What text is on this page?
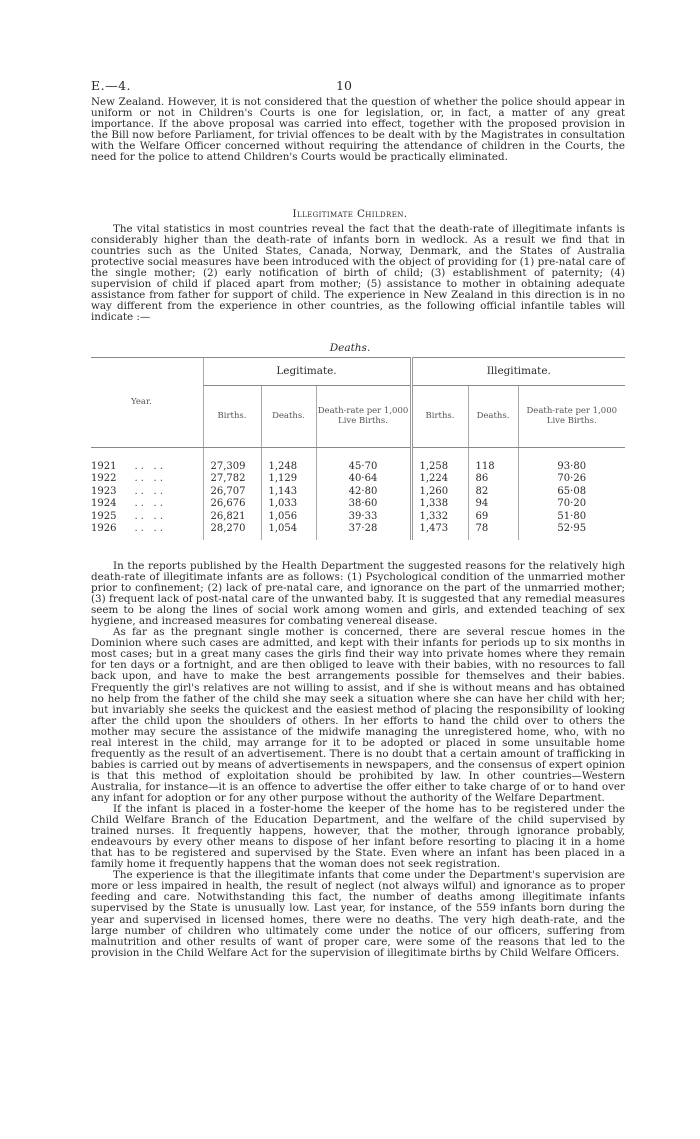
E.—4.	10

New Zealand. However, it is not considered that the question of whether the police should appear in uniform or not in Children's Courts is one for legislation, or, in fact, a matter of any great importance. If the above proposal was carried into effect, together with the proposed provision in the Bill now before Parliament, for trivial offences to be dealt with by the Magistrates in consultation with the Welfare Officer concerned without requiring the attendance of children in the Courts, the need for the police to attend Children's Courts would be practically eliminated.

Illegitimate Children.

The vital statistics in most countries reveal the fact that the death-rate of illegitimate infants is considerably higher than the death-rate of infants born in wedlock. As a result we find that in countries such as the United States, Canada, Norway, Denmark, and the States of Australia protective social measures have been introduced with the object of providing for (1) pre-natal care of the single mother; (2) early notification of birth of child; (3) establishment of paternity; (4) supervision of child if placed apart from mother; (5) assistance to mother in obtaining adequate assistance from father for support of child. The experience in New Zealand in this direction is in no way different from the experience in other countries, as the following official infantile tables will indicate :—

Deaths.
Year.	Legitimate.			Illegitimate.		
	Births.	Deaths.	Death-rate per 1,000 Live Births.	Births.	Deaths.	Death-rate per 1,000 Live Births.

1921 . .   . .	27,309	1,248	45·70	1,258	118	93·80
1922 . .   . .	27,782	1,129	40·64	1,224	86	70·26
1923 . .   . .	26,707	1,143	42·80	1,260	82	65·08
1924 . .   . .	26,676	1,033	38·60	1,338	94	70·20
1925 . .   . .	26,821	1,056	39·33	1,332	69	51·80
1926 . .   . .	28,270	1,054	37·28	1,473	78	52·95

In the reports published by the Health Department the suggested reasons for the relatively high death-rate of illegitimate infants are as follows: (1) Psychological condition of the unmarried mother prior to confinement; (2) lack of pre-natal care, and ignorance on the part of the unmarried mother; (3) frequent lack of post-natal care of the unwanted baby. It is suggested that any remedial measures seem to be along the lines of social work among women and girls, and extended teaching of sex hygiene, and increased measures for combating venereal disease.

As far as the pregnant single mother is concerned, there are several rescue homes in the Dominion where such cases are admitted, and kept with their infants for periods up to six months in most cases; but in a great many cases the girls find their way into private homes where they remain for ten days or a fortnight, and are then obliged to leave with their babies, with no resources to fall back upon, and have to make the best arrangements possible for themselves and their babies. Frequently the girl's relatives are not willing to assist, and if she is without means and has obtained no help from the father of the child she may seek a situation where she can have her child with her; but invariably she seeks the quickest and the easiest method of placing the responsibility of looking after the child upon the shoulders of others. In her efforts to hand the child over to others the mother may secure the assistance of the midwife managing the unregistered home, who, with no real interest in the child, may arrange for it to be adopted or placed in some unsuitable home frequently as the result of an advertisement. There is no doubt that a certain amount of trafficking in babies is carried out by means of advertisements in newspapers, and the consensus of expert opinion is that this method of exploitation should be prohibited by law. In other countries—Western Australia, for instance—it is an offence to advertise the offer either to take charge of or to hand over any infant for adoption or for any other purpose without the authority of the Welfare Department.

If the infant is placed in a foster-home the keeper of the home has to be registered under the Child Welfare Branch of the Education Department, and the welfare of the child supervised by trained nurses. It frequently happens, however, that the mother, through ignorance probably, endeavours by every other means to dispose of her infant before resorting to placing it in a home that has to be registered and supervised by the State. Even where an infant has been placed in a family home it frequently happens that the woman does not seek registration.

The experience is that the illegitimate infants that come under the Department's supervision are more or less impaired in health, the result of neglect (not always wilful) and ignorance as to proper feeding and care. Notwithstanding this fact, the number of deaths among illegitimate infants supervised by the State is unusually low. Last year, for instance, of the 559 infants born during the year and supervised in licensed homes, there were no deaths. The very high death-rate, and the large number of children who ultimately come under the notice of our officers, suffering from malnutrition and other results of want of proper care, were some of the reasons that led to the provision in the Child Welfare Act for the supervision of illegitimate births by Child Welfare Officers.
